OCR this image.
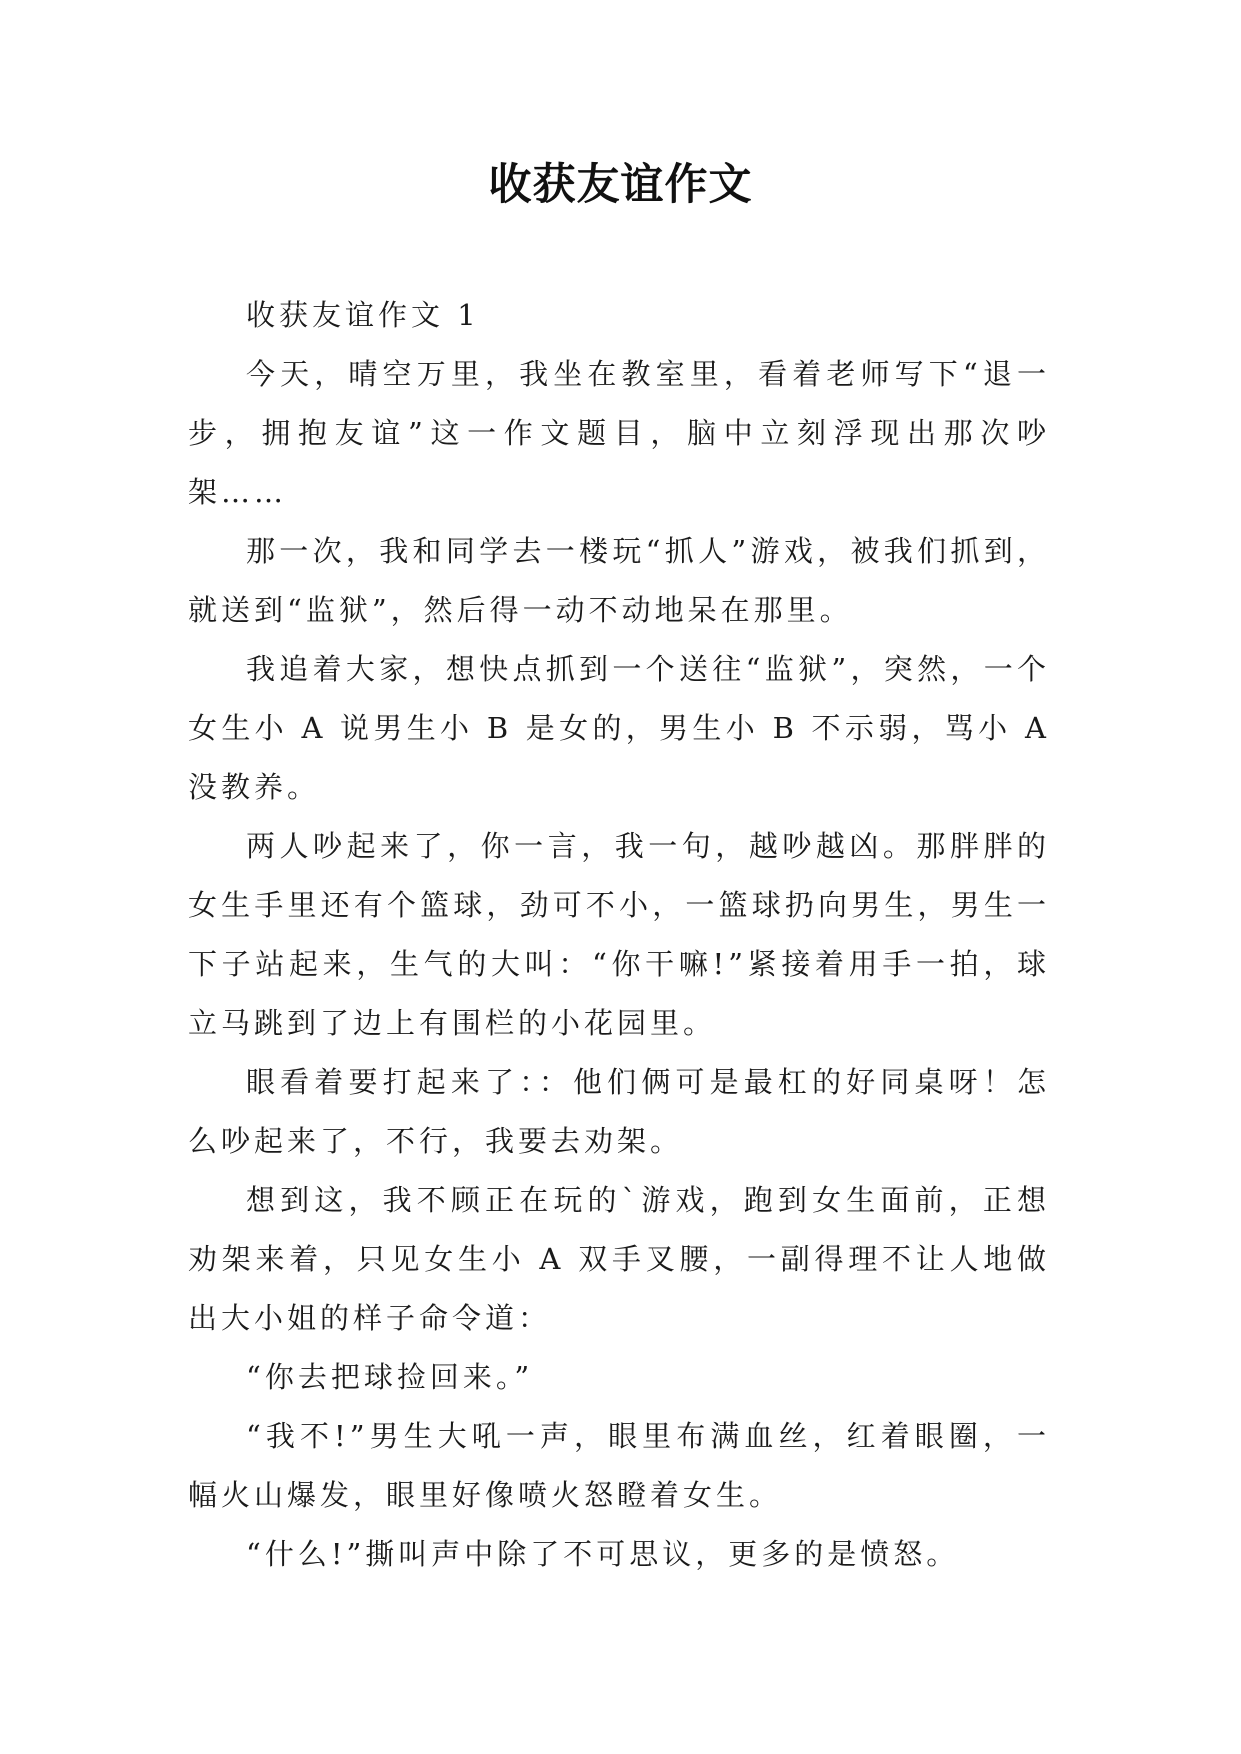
收获友谊作文

收获友谊作文 1

今天，晴空万里，我坐在教室里，看着老师写下“退一步，拥抱友谊”这一作文题目，脑中立刻浮现出那次吵架……

那一次，我和同学去一楼玩“抓人”游戏，被我们抓到，就送到“监狱”，然后得一动不动地呆在那里。

我追着大家，想快点抓到一个送往“监狱”，突然，一个女生小 A 说男生小 B 是女的，男生小 B 不示弱，骂小 A 没教养。

两人吵起来了，你一言，我一句，越吵越凶。那胖胖的女生手里还有个篮球，劲可不小，一篮球扔向男生，男生一下子站起来，生气的大叫：“你干嘛!”紧接着用手一拍，球立马跳到了边上有围栏的小花园里。

眼看着要打起来了：：他们俩可是最杠的好同桌呀！怎么吵起来了，不行，我要去劝架。

想到这，我不顾正在玩的`游戏，跑到女生面前，正想劝架来着，只见女生小 A 双手叉腰，一副得理不让人地做出大小姐的样子命令道：

“你去把球捡回来。”

“我不!”男生大吼一声，眼里布满血丝，红着眼圈，一幅火山爆发，眼里好像喷火怒瞪着女生。

“什么!”撕叫声中除了不可思议，更多的是愤怒。
